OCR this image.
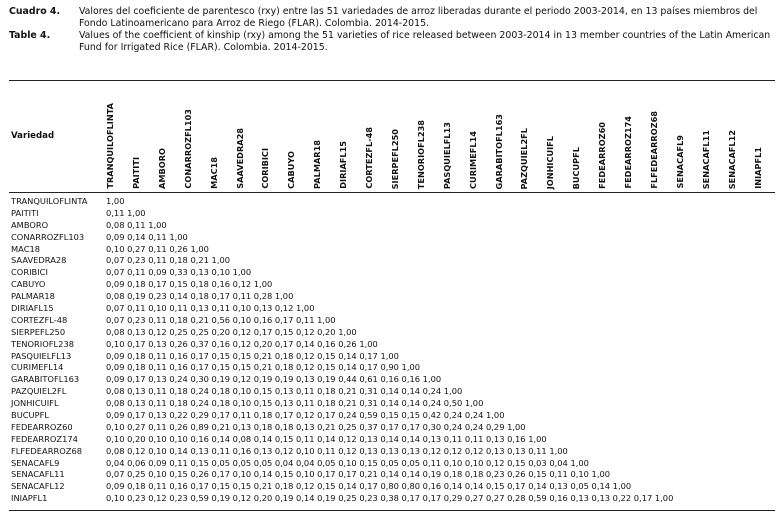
Cuadro 4.	Valores del coeficiente de parentesco (rxy) entre las 51 variedades de arroz liberadas durante el periodo 2003-2014, en 13 países miembros del Fondo Latinoamericano para Arroz de Riego (FLAR). Colombia. 2014-2015.
Table 4.	Values of the coefficient of kinship (rxy) among the 51 varieties of rice released between 2003-2014 in 13 member countries of the Latin American Fund for Irrigated Rice (FLAR). Colombia. 2014-2015.
Variedad	TRANQUILOFLINTA PAITITI AMBORO CONARROZFL103 MAC18 SAAVEDRA28 CORIBICI CABUYO PALMAR18 DIRIAFL15 CORTEZFL-48 SIERPEFL250 TENORIOFL238 PASQUIELFL13 CURIMEFL14 GARABITOFL163 PAZQUIEL2FL JONHICUIFL BUCUPFL FEDEARROZ60 FEDEARROZ174 FLFEDEARROZ68 SENACAFL9 SENACAFL11 SENACAFL12 INIAPFL1
TRANQUILOFLINTA 1,00
PAITITI	0,11 1,00
AMBORO	0,08 0,11 1,00
CONARROZFL103	0,09 0,14 0,11 1,00
MAC18	0,10 0,27 0,11 0,26 1,00
SAAVEDRA28	0,07 0,23 0,11 0,18 0,21 1,00
CORIBICI	0,07 0,11 0,09 0,33 0,13 0,10 1,00
CABUYO	0,09 0,18 0,17 0,15 0,18 0,16 0,12 1,00
PALMAR18	0,08 0,19 0,23 0,14 0,18 0,17 0,11 0,28 1,00
DIRIAFL15	0,07 0,11 0,10 0,11 0,13 0,11 0,10 0,13 0,12 1,00
CORTEZFL-48	0,07 0,23 0,11 0,18 0,21 0,56 0,10 0,16 0,17 0,11 1,00
SIERPEFL250	0,08 0,13 0,12 0,25 0,25 0,20 0,12 0,17 0,15 0,12 0,20 1,00
TENORIOFL238	0,10 0,17 0,13 0,26 0,37 0,16 0,12 0,20 0,17 0,14 0,16 0,26 1,00
PASQUIELFL13	0,09 0,18 0,11 0,16 0,17 0,15 0,15 0,21 0,18 0,12 0,15 0,14 0,17 1,00
CURIMEFL14	0,09 0,18 0,11 0,16 0,17 0,15 0,15 0,21 0,18 0,12 0,15 0,14 0,17 0,90 1,00
GARABITOFL163	0,09 0,17 0,13 0,24 0,30 0,19 0,12 0,19 0,19 0,13 0,19 0,44 0,61 0,16 0,16 1,00
PAZQUIEL2FL	0,08 0,13 0,11 0,18 0,24 0,18 0,10 0,15 0,13 0,11 0,18 0,21 0,31 0,14 0,14 0,24 1,00
JONHICUIFL	0,08 0,13 0,11 0,18 0,24 0,18 0,10 0,15 0,13 0,11 0,18 0,21 0,31 0,14 0,14 0,24 0,50 1,00
BUCUPFL	0,09 0,17 0,13 0,22 0,29 0,17 0,11 0,18 0,17 0,12 0,17 0,24 0,59 0,15 0,15 0,42 0,24 0,24 1,00
FEDEARROZ60	0,10 0,27 0,11 0,26 0,89 0,21 0,13 0,18 0,18 0,13 0,21 0,25 0,37 0,17 0,17 0,30 0,24 0,24 0,29 1,00
FEDEARROZ174	0,10 0,20 0,10 0,10 0,16 0,14 0,08 0,14 0,15 0,11 0,14 0,12 0,13 0,14 0,14 0,13 0,11 0,11 0,13 0,16 1,00
FLFEDEARROZ68	0,08 0,12 0,10 0,14 0,13 0,11 0,16 0,13 0,12 0,10 0,11 0,12 0,13 0,13 0,13 0,12 0,12 0,12 0,13 0,13 0,11 1,00
SENACAFL9	0,04 0,06 0,09 0,11 0,15 0,05 0,05 0,05 0,04 0,04 0,05 0,10 0,15 0,05 0,05 0,11 0,10 0,10 0,12 0,15 0,03 0,04 1,00
SENACAFL11	0,07 0,25 0,10 0,15 0,26 0,17 0,10 0,14 0,15 0,10 0,17 0,17 0,21 0,14 0,14 0,19 0,18 0,18 0,23 0,26 0,15 0,11 0,10 1,00
SENACAFL12	0,09 0,18 0,11 0,16 0,17 0,15 0,15 0,21 0,18 0,12 0,15 0,14 0,17 0,80 0,80 0,16 0,14 0,14 0,15 0,17 0,14 0,13 0,05 0,14 1,00
INIAPFL1	0,10 0,23 0,12 0,23 0,59 0,19 0,12 0,20 0,19 0,14 0,19 0,25 0,23 0,38 0,17 0,17 0,29 0,27 0,27 0,28 0,59 0,16 0,13 0,13 0,22 0,17 1,00
